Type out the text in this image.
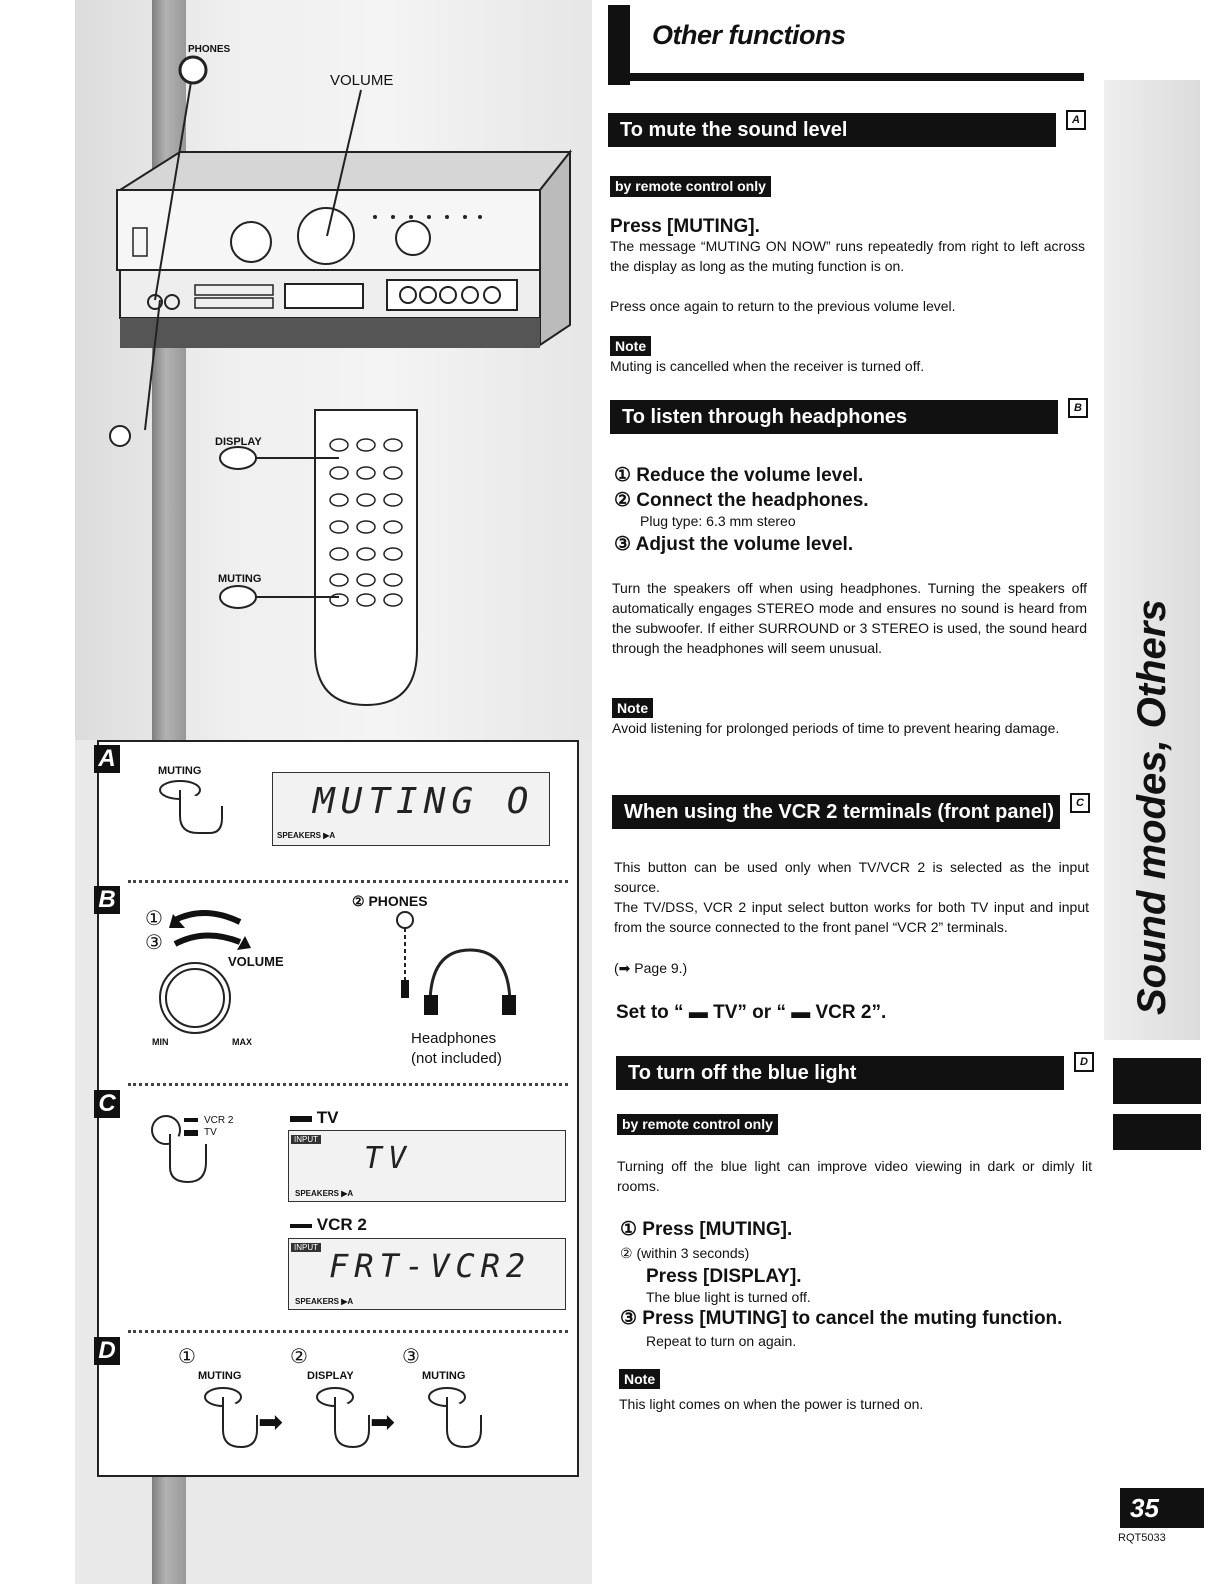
PHONES
VOLUME
DISPLAY
MUTING
A	MUTING
MUTING O
SPEAKERS ▶A
B
①
③
VOLUME
MIN	MAX
② PHONES
Headphones
(not included)
C
VCR 2
TV
TV
INPUT
TV
SPEAKERS ▶A
VCR 2
INPUT FRT-VCR2
SPEAKERS ▶A
D	①	②	③
MUTING	DISPLAY	MUTING
➡	➡
Other functions
To mute the sound level	A
by remote control only
Press [MUTING].
The message “MUTING ON NOW” runs repeatedly from right to left across the display as long as the muting function is on.
Press once again to return to the previous volume level.
Note
Muting is cancelled when the receiver is turned off.
To listen through headphones	B
① Reduce the volume level.
② Connect the headphones.
Plug type: 6.3 mm stereo
③ Adjust the volume level.
Turn the speakers off when using headphones. Turning the speakers off automatically engages STEREO mode and ensures no sound is heard from the subwoofer. If either SURROUND or 3 STEREO is used, the sound heard through the headphones will seem unusual.
Note
Avoid listening for prolonged periods of time to prevent hearing damage.
When using the VCR 2 terminals (front panel)	C
This button can be used only when TV/VCR 2 is selected as the input source.
The TV/DSS, VCR 2 input select button works for both TV input and input from the source connected to the front panel “VCR 2” terminals.
(➡ Page 9.)
Set to “ ▬ TV” or “ ▬ VCR 2”.
To turn off the blue light	D
by remote control only
Turning off the blue light can improve video viewing in dark or dimly lit rooms.
① Press [MUTING].
② (within 3 seconds)
Press [DISPLAY].
The blue light is turned off.
③ Press [MUTING] to cancel the muting function.
Repeat to turn on again.
Note
This light comes on when the power is turned on.
Sound modes, Others
35
RQT5033
